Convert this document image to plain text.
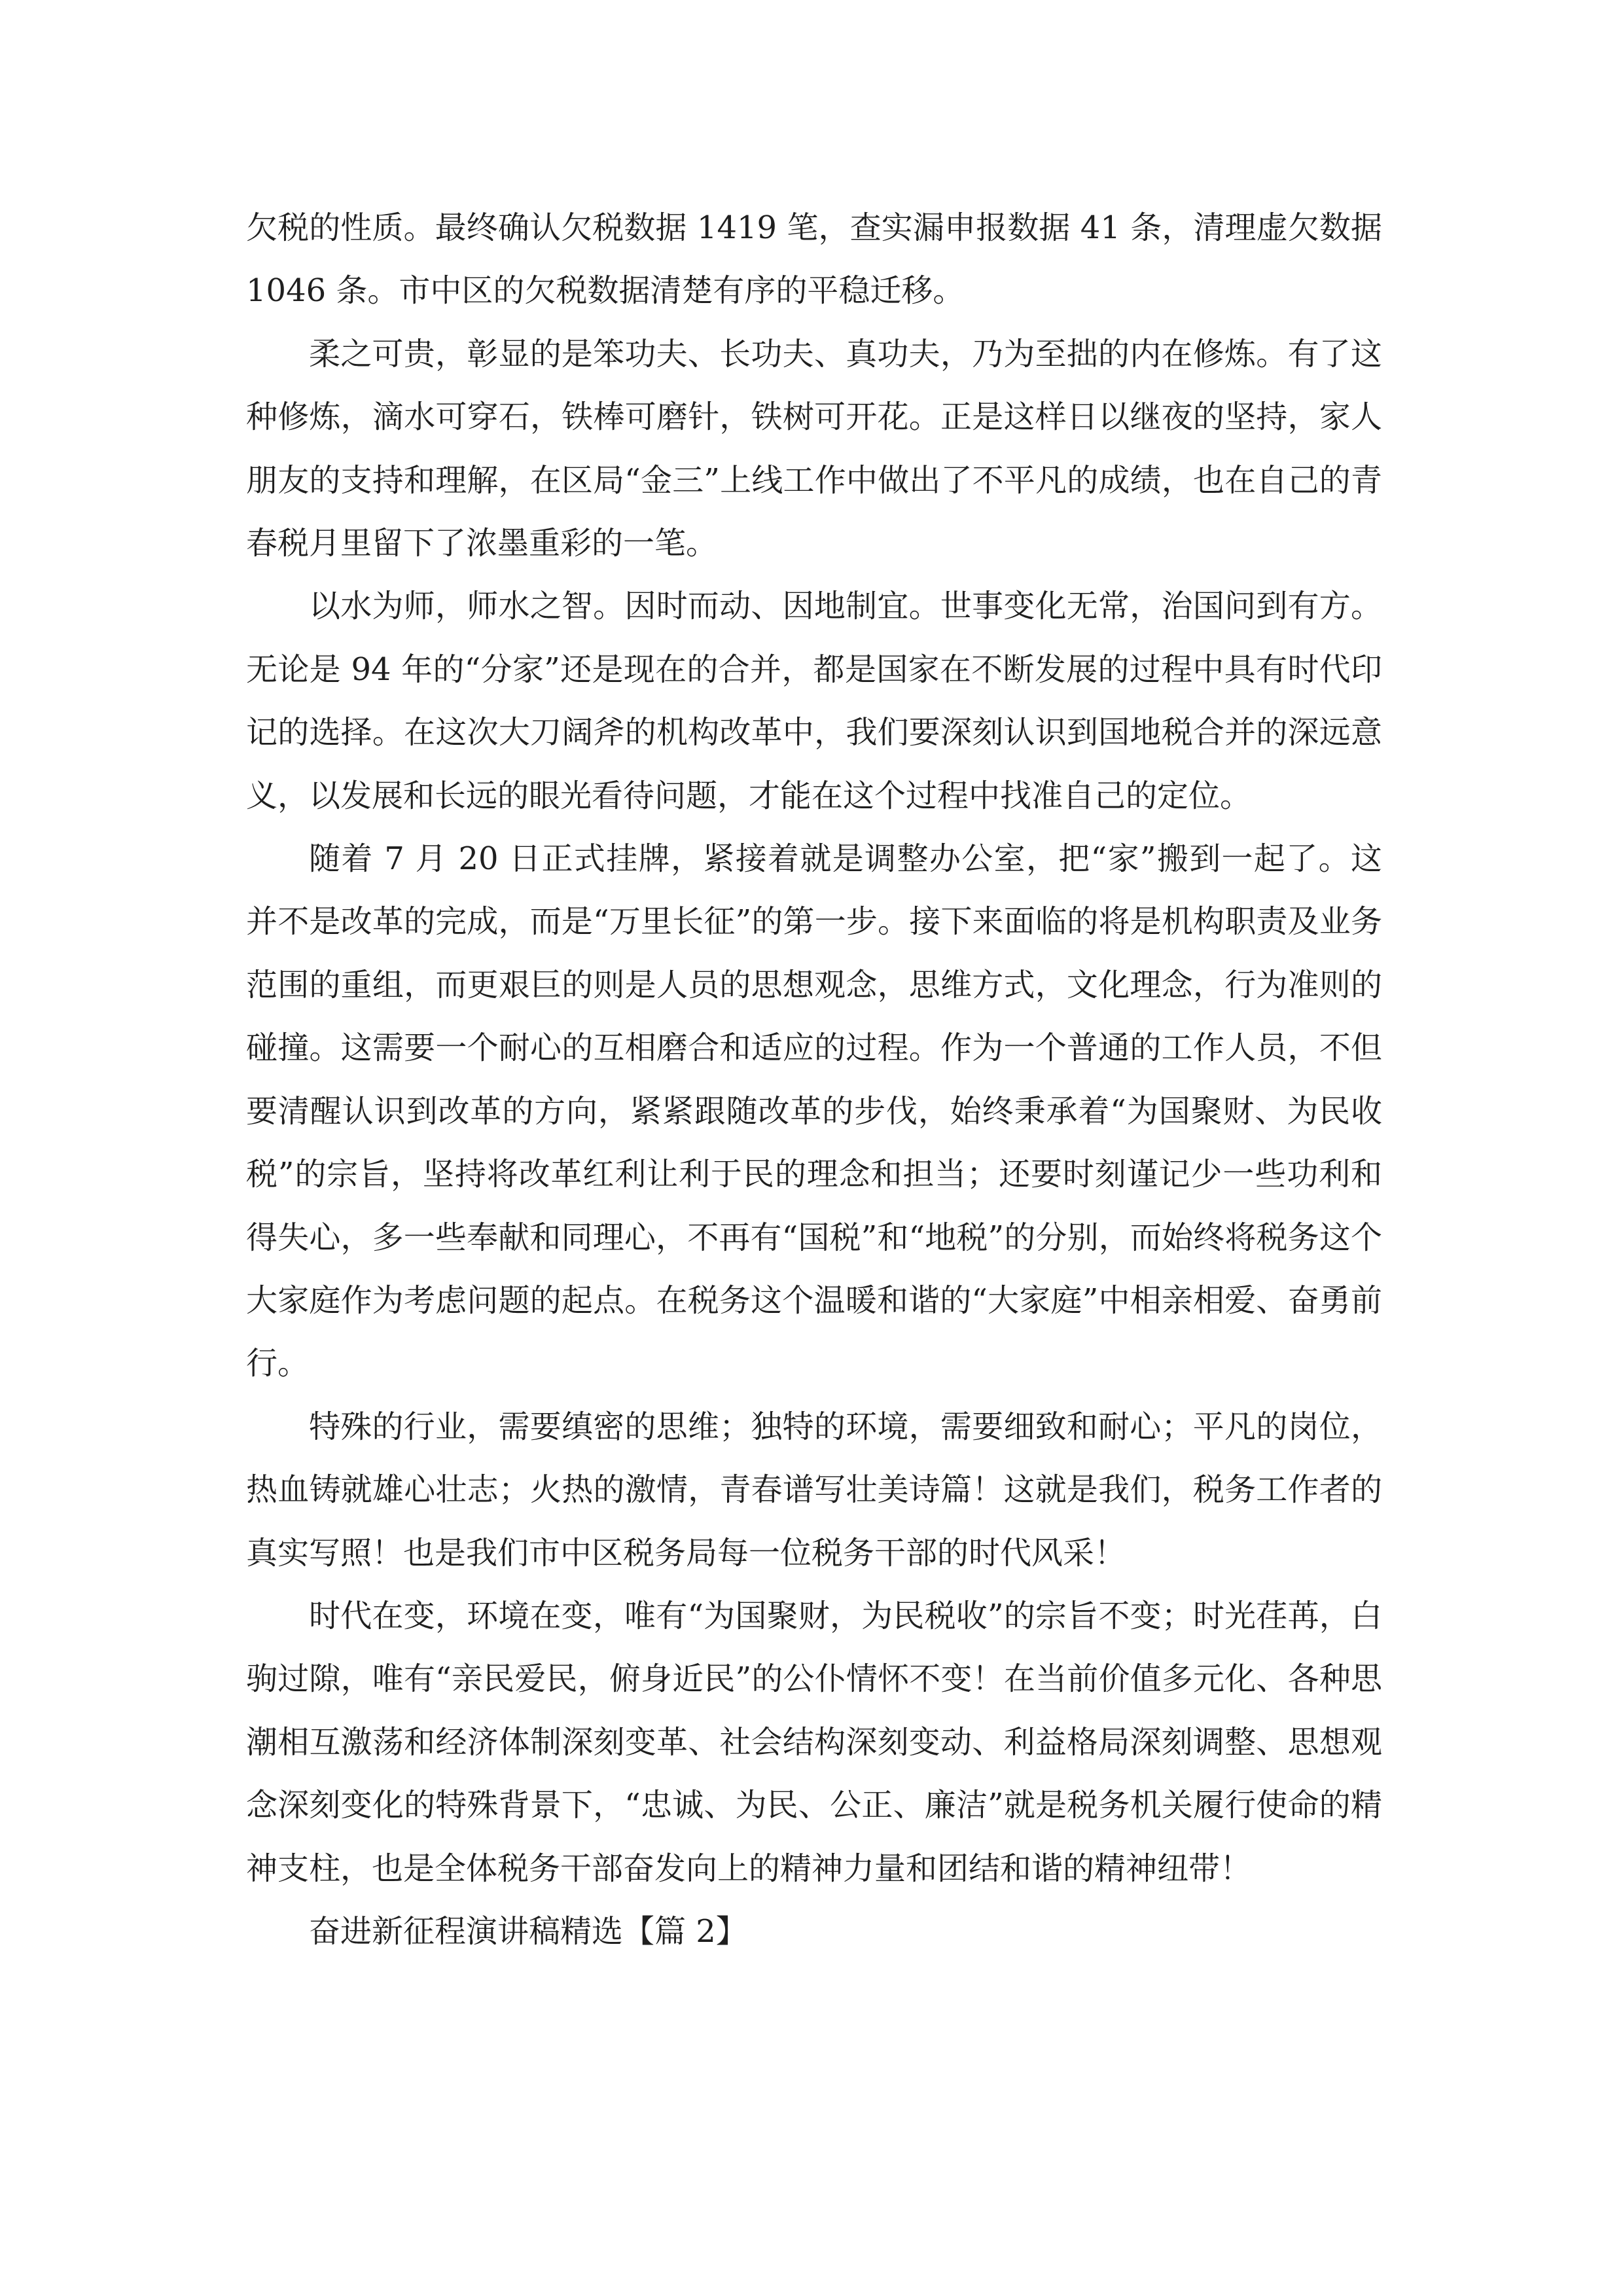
欠税的性质。最终确认欠税数据 1419 笔，查实漏申报数据 41 条，清理虚欠数据 1046 条。市中区的欠税数据清楚有序的平稳迁移。

柔之可贵，彰显的是笨功夫、长功夫、真功夫，乃为至拙的内在修炼。有了这种修炼，滴水可穿石，铁棒可磨针，铁树可开花。正是这样日以继夜的坚持，家人朋友的支持和理解，在区局“金三”上线工作中做出了不平凡的成绩，也在自己的青春税月里留下了浓墨重彩的一笔。

以水为师，师水之智。因时而动、因地制宜。世事变化无常，治国问到有方。无论是 94 年的“分家”还是现在的合并，都是国家在不断发展的过程中具有时代印记的选择。在这次大刀阔斧的机构改革中，我们要深刻认识到国地税合并的深远意义，以发展和长远的眼光看待问题，才能在这个过程中找准自己的定位。

随着 7 月 20 日正式挂牌，紧接着就是调整办公室，把“家”搬到一起了。这并不是改革的完成，而是“万里长征”的第一步。接下来面临的将是机构职责及业务范围的重组，而更艰巨的则是人员的思想观念，思维方式，文化理念，行为准则的碰撞。这需要一个耐心的互相磨合和适应的过程。作为一个普通的工作人员，不但要清醒认识到改革的方向，紧紧跟随改革的步伐，始终秉承着“为国聚财、为民收税”的宗旨，坚持将改革红利让利于民的理念和担当；还要时刻谨记少一些功利和得失心，多一些奉献和同理心，不再有“国税”和“地税”的分别，而始终将税务这个大家庭作为考虑问题的起点。在税务这个温暖和谐的“大家庭”中相亲相爱、奋勇前行。

特殊的行业，需要缜密的思维；独特的环境，需要细致和耐心；平凡的岗位，热血铸就雄心壮志；火热的激情，青春谱写壮美诗篇！这就是我们，税务工作者的真实写照！也是我们市中区税务局每一位税务干部的时代风采！

时代在变，环境在变，唯有“为国聚财，为民税收”的宗旨不变；时光荏苒，白驹过隙，唯有“亲民爱民，俯身近民”的公仆情怀不变！在当前价值多元化、各种思潮相互激荡和经济体制深刻变革、社会结构深刻变动、利益格局深刻调整、思想观念深刻变化的特殊背景下，“忠诚、为民、公正、廉洁”就是税务机关履行使命的精神支柱，也是全体税务干部奋发向上的精神力量和团结和谐的精神纽带！

奋进新征程演讲稿精选【篇 2】
